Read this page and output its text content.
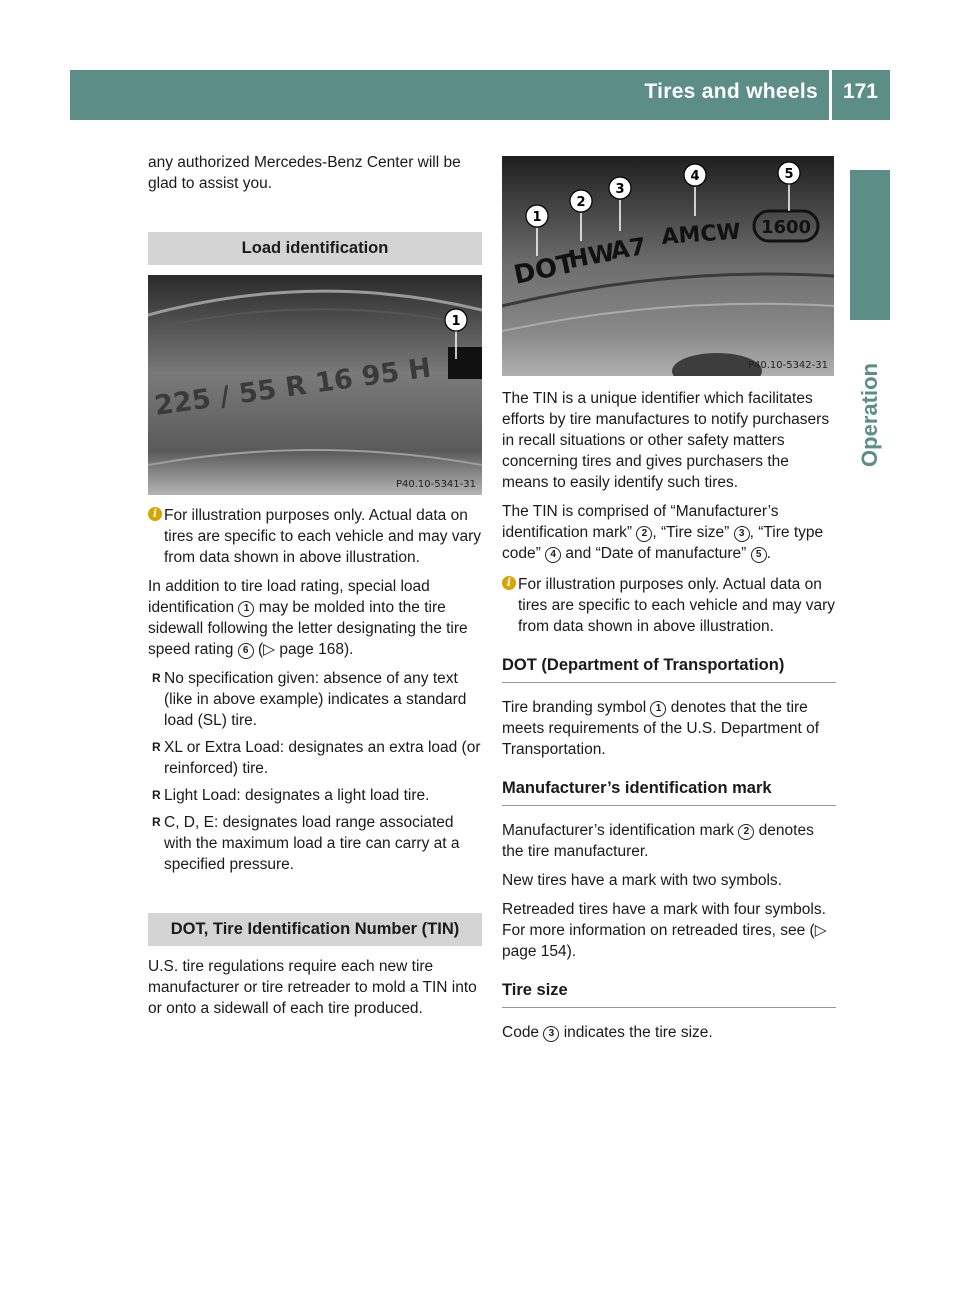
Tires and wheels 171
Operation

any authorized Mercedes-Benz Center will be glad to assist you.

Load identification
225 / 55 R 16 95 H
1
P40.10-5341-31
i For illustration purposes only. Actual data on tires are specific to each vehicle and may vary from data shown in above illustration.

In addition to tire load rating, special load identification 1 may be molded into the tire sidewall following the letter designating the tire speed rating 6 (▷ page 168).

R No specification given: absence of any text (like in above example) indicates a standard load (SL) tire.
R XL or Extra Load: designates an extra load (or reinforced) tire.
R Light Load: designates a light load tire.
R C, D, E: designates load range associated with the maximum load a tire can carry at a specified pressure.
DOT, Tire Identification Number (TIN)

U.S. tire regulations require each new tire manufacturer or tire retreader to mold a TIN into or onto a sidewall of each tire produced.

DOT
HW
A7 AMCW 1600
1
2
3
4	5
P40.10-5342-31

The TIN is a unique identifier which facilitates efforts by tire manufactures to notify purchasers in recall situations or other safety matters concerning tires and gives purchasers the means to easily identify such tires.

The TIN is comprised of “Manufacturer’s identification mark” 2 , “Tire size” 3 , “Tire type code” 4 and “Date of manufacture” 5 .

i For illustration purposes only. Actual data on tires are specific to each vehicle and may vary from data shown in above illustration.
DOT (Department of Transportation)

Tire branding symbol 1 denotes that the tire meets requirements of the U.S. Department of Transportation.

Manufacturer’s identification mark

Manufacturer’s identification mark 2 denotes the tire manufacturer.

New tires have a mark with two symbols.

Retreaded tires have a mark with four symbols. For more information on retreaded tires, see (▷ page 154).

Tire size

Code 3 indicates the tire size.
